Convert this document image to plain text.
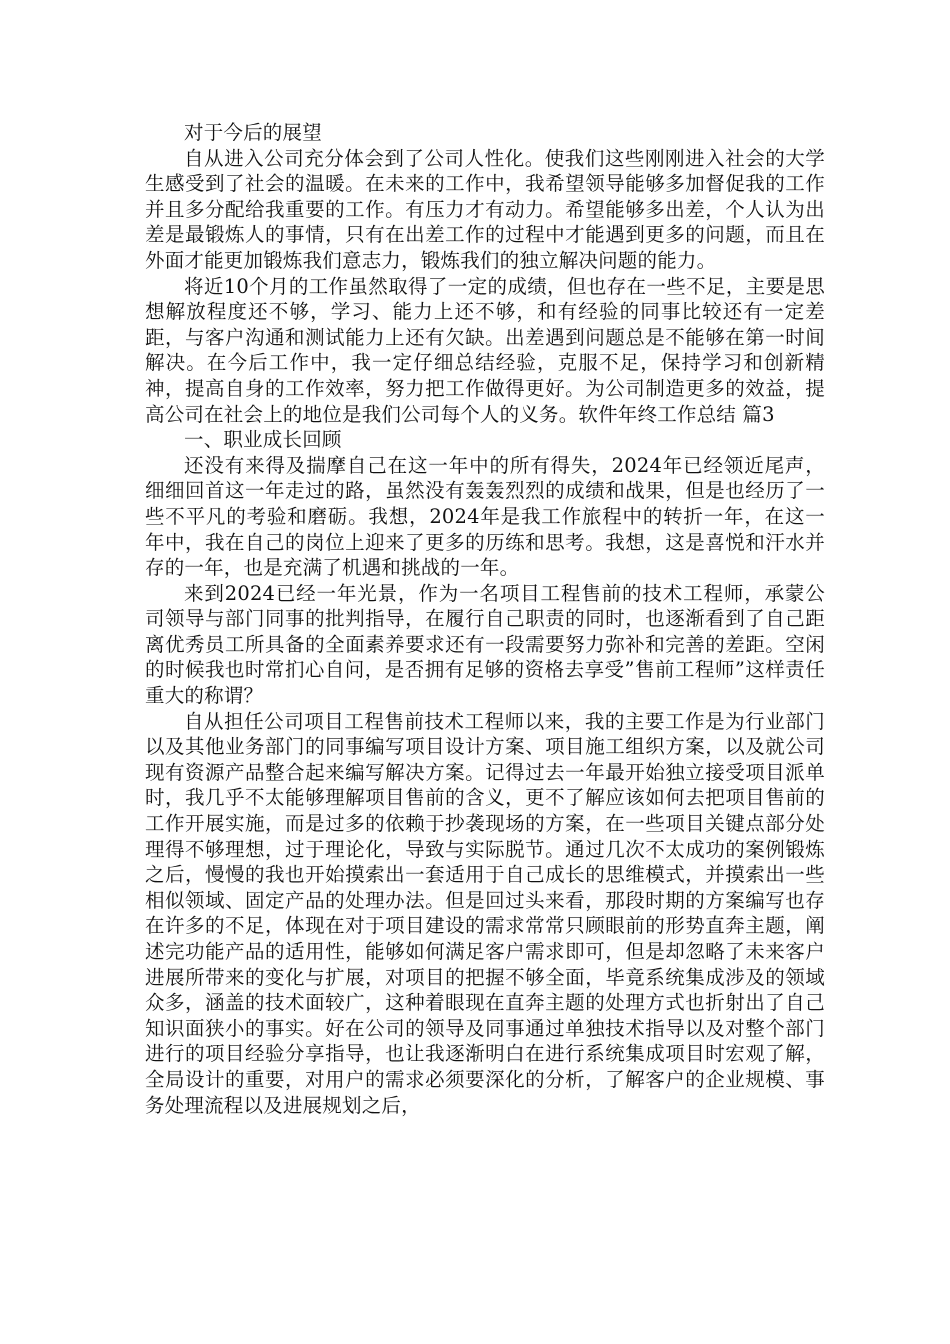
对于今后的展望

自从进入公司充分体会到了公司人性化。使我们这些刚刚进入社会的大学生感受到了社会的温暖。在未来的工作中，我希望领导能够多加督促我的工作并且多分配给我重要的工作。有压力才有动力。希望能够多出差，个人认为出差是最锻炼人的事情，只有在出差工作的过程中才能遇到更多的问题，而且在外面才能更加锻炼我们意志力，锻炼我们的独立解决问题的能力。

将近10个月的工作虽然取得了一定的成绩，但也存在一些不足，主要是思想解放程度还不够，学习、能力上还不够，和有经验的同事比较还有一定差距，与客户沟通和测试能力上还有欠缺。出差遇到问题总是不能够在第一时间解决。在今后工作中，我一定仔细总结经验，克服不足，保持学习和创新精神，提高自身的工作效率，努力把工作做得更好。为公司制造更多的效益，提高公司在社会上的地位是我们公司每个人的义务。软件年终工作总结 篇3

一、职业成长回顾

还没有来得及揣摩自己在这一年中的所有得失，2024年已经领近尾声，细细回首这一年走过的路，虽然没有轰轰烈烈的成绩和战果，但是也经历了一些不平凡的考验和磨砺。我想，2024年是我工作旅程中的转折一年，在这一年中，我在自己的岗位上迎来了更多的历练和思考。我想，这是喜悦和汗水并存的一年，也是充满了机遇和挑战的一年。

来到2024已经一年光景，作为一名项目工程售前的技术工程师，承蒙公司领导与部门同事的批判指导，在履行自己职责的同时，也逐渐看到了自己距离优秀员工所具备的全面素养要求还有一段需要努力弥补和完善的差距。空闲的时候我也时常扪心自问，是否拥有足够的资格去享受”售前工程师”这样责任重大的称谓？

自从担任公司项目工程售前技术工程师以来，我的主要工作是为行业部门以及其他业务部门的同事编写项目设计方案、项目施工组织方案，以及就公司现有资源产品整合起来编写解决方案。记得过去一年最开始独立接受项目派单时，我几乎不太能够理解项目售前的含义，更不了解应该如何去把项目售前的工作开展实施，而是过多的依赖于抄袭现场的方案，在一些项目关键点部分处理得不够理想，过于理论化，导致与实际脱节。通过几次不太成功的案例锻炼之后，慢慢的我也开始摸索出一套适用于自己成长的思维模式，并摸索出一些相似领域、固定产品的处理办法。但是回过头来看，那段时期的方案编写也存在许多的不足，体现在对于项目建设的需求常常只顾眼前的形势直奔主题，阐述完功能产品的适用性，能够如何满足客户需求即可，但是却忽略了未来客户进展所带来的变化与扩展，对项目的把握不够全面，毕竟系统集成涉及的领域众多，涵盖的技术面较广，这种着眼现在直奔主题的处理方式也折射出了自己知识面狭小的事实。好在公司的领导及同事通过单独技术指导以及对整个部门进行的项目经验分享指导，也让我逐渐明白在进行系统集成项目时宏观了解，全局设计的重要，对用户的需求必须要深化的分析，了解客户的企业规模、事务处理流程以及进展规划之后，
